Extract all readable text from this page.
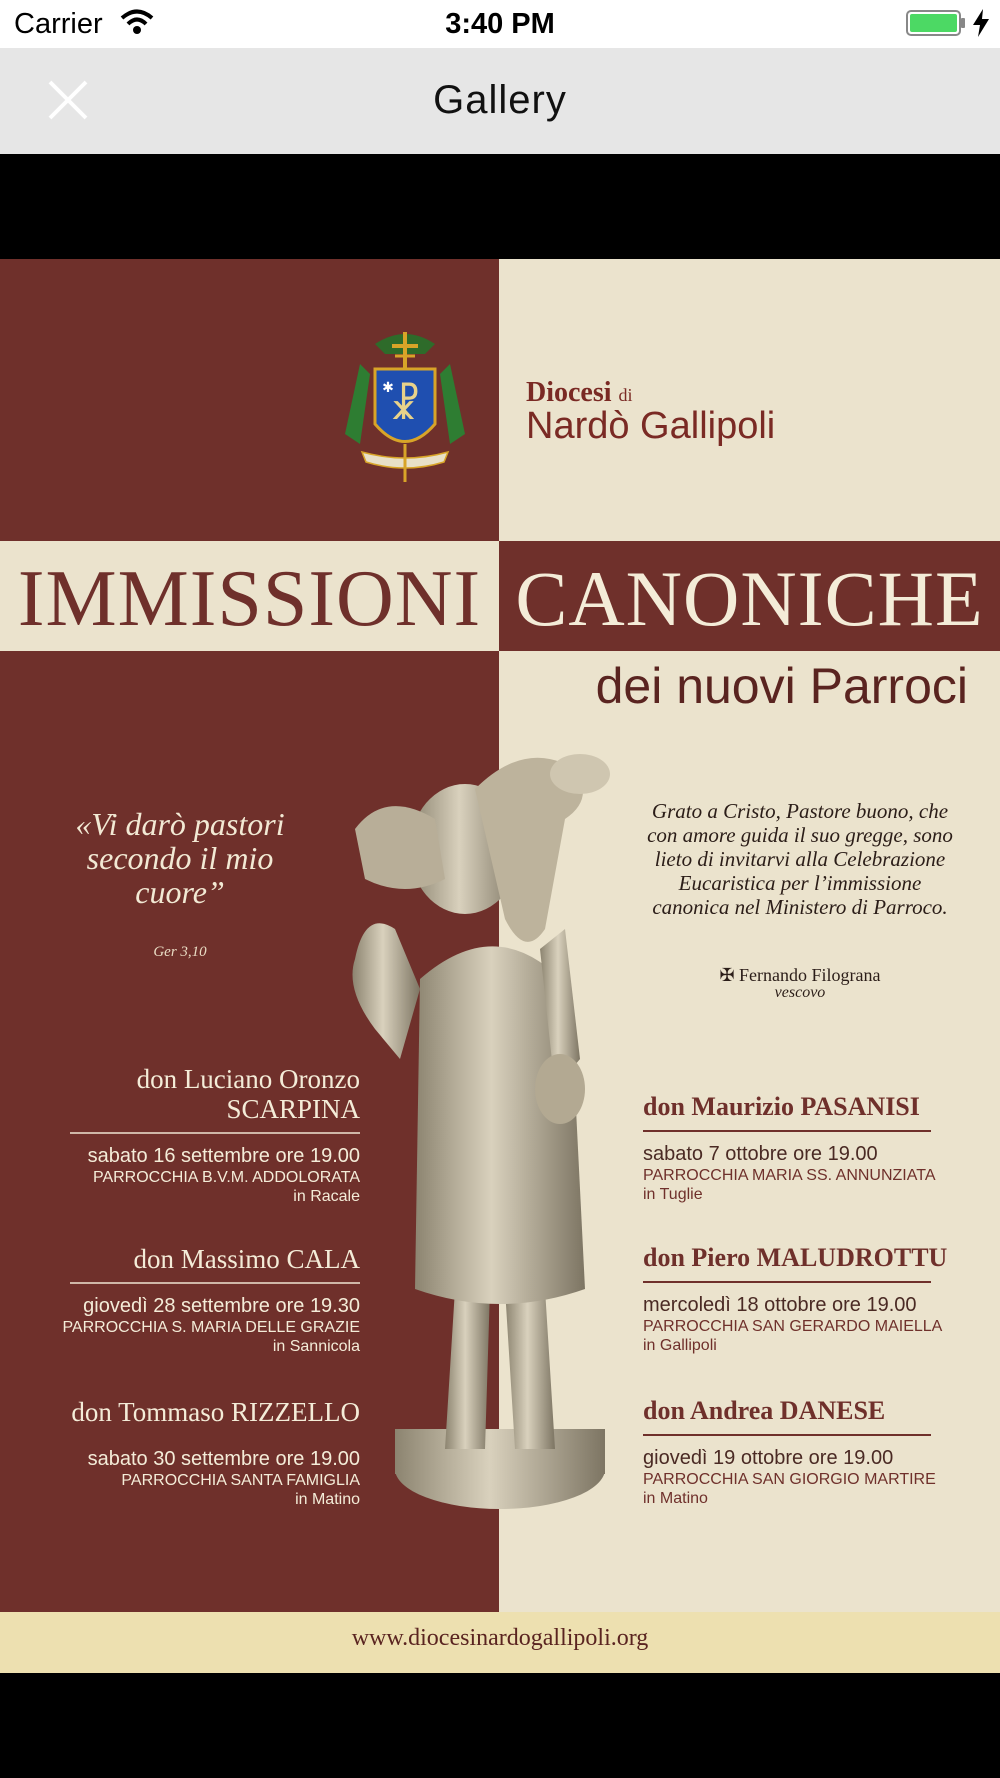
Carrier	3:40 PM
Gallery
☧
✱	Diocesi di
Nardò Gallipoli
IMMISSIONI CANONICHE
dei nuovi Parroci
«Vi darò pastori secondo il mio cuore”
Ger 3,10
Grato a Cristo, Pastore buono, che con amore guida il suo gregge, sono lieto di invitarvi alla Celebrazione Eucaristica per l’immissione canonica nel Ministero di Parroco.
✠ Fernando Filograna
vescovo
don Luciano Oronzo SCARPINA
sabato 16 settembre ore 19.00
PARROCCHIA B.V.M. ADDOLORATA
in Racale
don Massimo CALA
giovedì 28 settembre ore 19.30
PARROCCHIA S. MARIA DELLE GRAZIE
in Sannicola
don Tommaso RIZZELLO
sabato 30 settembre ore 19.00
PARROCCHIA SANTA FAMIGLIA
in Matino
don Maurizio PASANISI
sabato 7 ottobre ore 19.00
PARROCCHIA MARIA SS. ANNUNZIATA
in Tuglie
don Piero MALUDROTTU
mercoledì 18 ottobre ore 19.00
PARROCCHIA SAN GERARDO MAIELLA
in Gallipoli
don Andrea DANESE
giovedì 19 ottobre ore 19.00
PARROCCHIA SAN GIORGIO MARTIRE
in Matino
www.diocesinardogallipoli.org
